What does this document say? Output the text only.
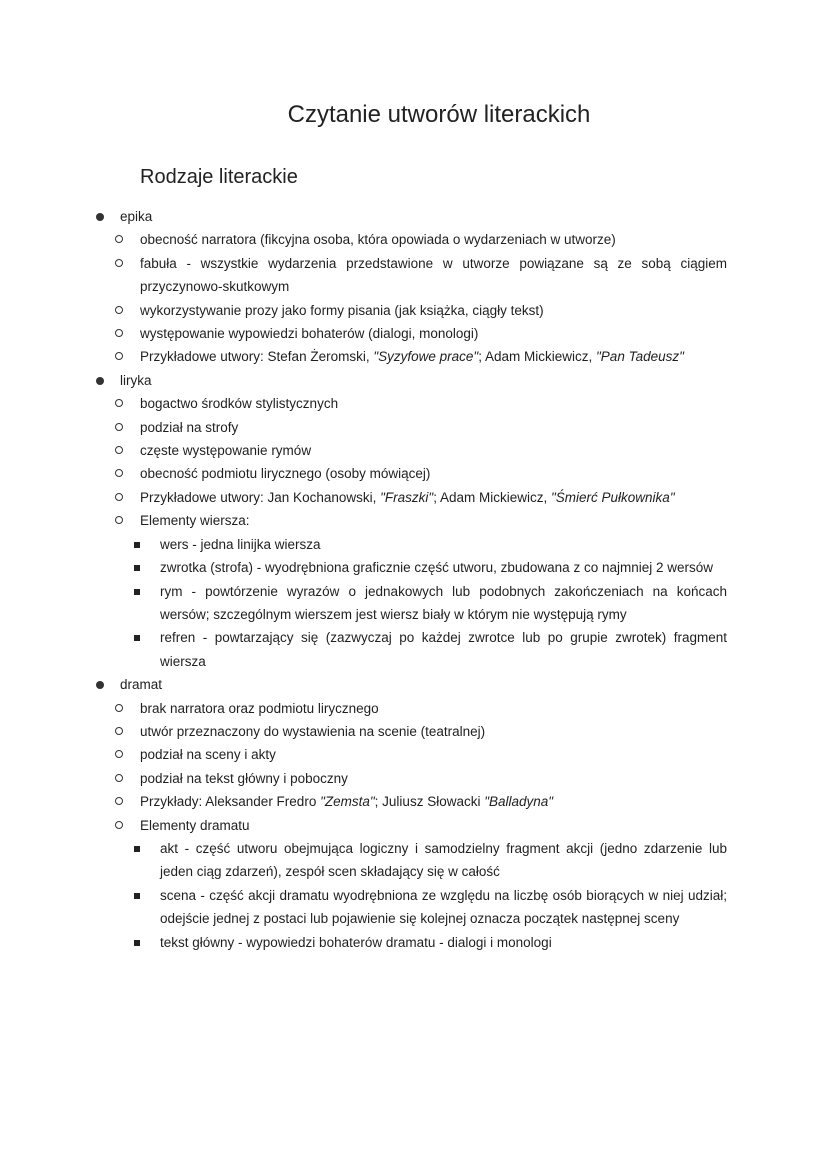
Czytanie utworów literackich
Rodzaje literackie
epika
obecność narratora (fikcyjna osoba, która opowiada o wydarzeniach w utworze)
fabuła - wszystkie wydarzenia przedstawione w utworze powiązane są ze sobą ciągiem przyczynowo-skutkowym
wykorzystywanie prozy jako formy pisania (jak książka, ciągły tekst)
występowanie wypowiedzi bohaterów (dialogi, monologi)
Przykładowe utwory: Stefan Żeromski, "Syzyfowe prace"; Adam Mickiewicz, "Pan Tadeusz"
liryka
bogactwo środków stylistycznych
podział na strofy
częste występowanie rymów
obecność podmiotu lirycznego (osoby mówiącej)
Przykładowe utwory: Jan Kochanowski, "Fraszki"; Adam Mickiewicz, "Śmierć Pułkownika"
Elementy wiersza:
wers - jedna linijka wiersza
zwrotka (strofa) - wyodrębniona graficznie część utworu, zbudowana z co najmniej 2 wersów
rym - powtórzenie wyrazów o jednakowych lub podobnych zakończeniach na końcach wersów; szczególnym wierszem jest wiersz biały w którym nie występują rymy
refren - powtarzający się (zazwyczaj po każdej zwrotce lub po grupie zwrotek) fragment wiersza
dramat
brak narratora oraz podmiotu lirycznego
utwór przeznaczony do wystawienia na scenie (teatralnej)
podział na sceny i akty
podział na tekst główny i poboczny
Przykłady: Aleksander Fredro "Zemsta"; Juliusz Słowacki "Balladyna"
Elementy dramatu
akt - część utworu obejmująca logiczny i samodzielny fragment akcji (jedno zdarzenie lub jeden ciąg zdarzeń), zespół scen składający się w całość
scena - część akcji dramatu wyodrębniona ze względu na liczbę osób biorących w niej udział; odejście jednej z postaci lub pojawienie się kolejnej oznacza początek następnej sceny
tekst główny - wypowiedzi bohaterów dramatu - dialogi i monologi
